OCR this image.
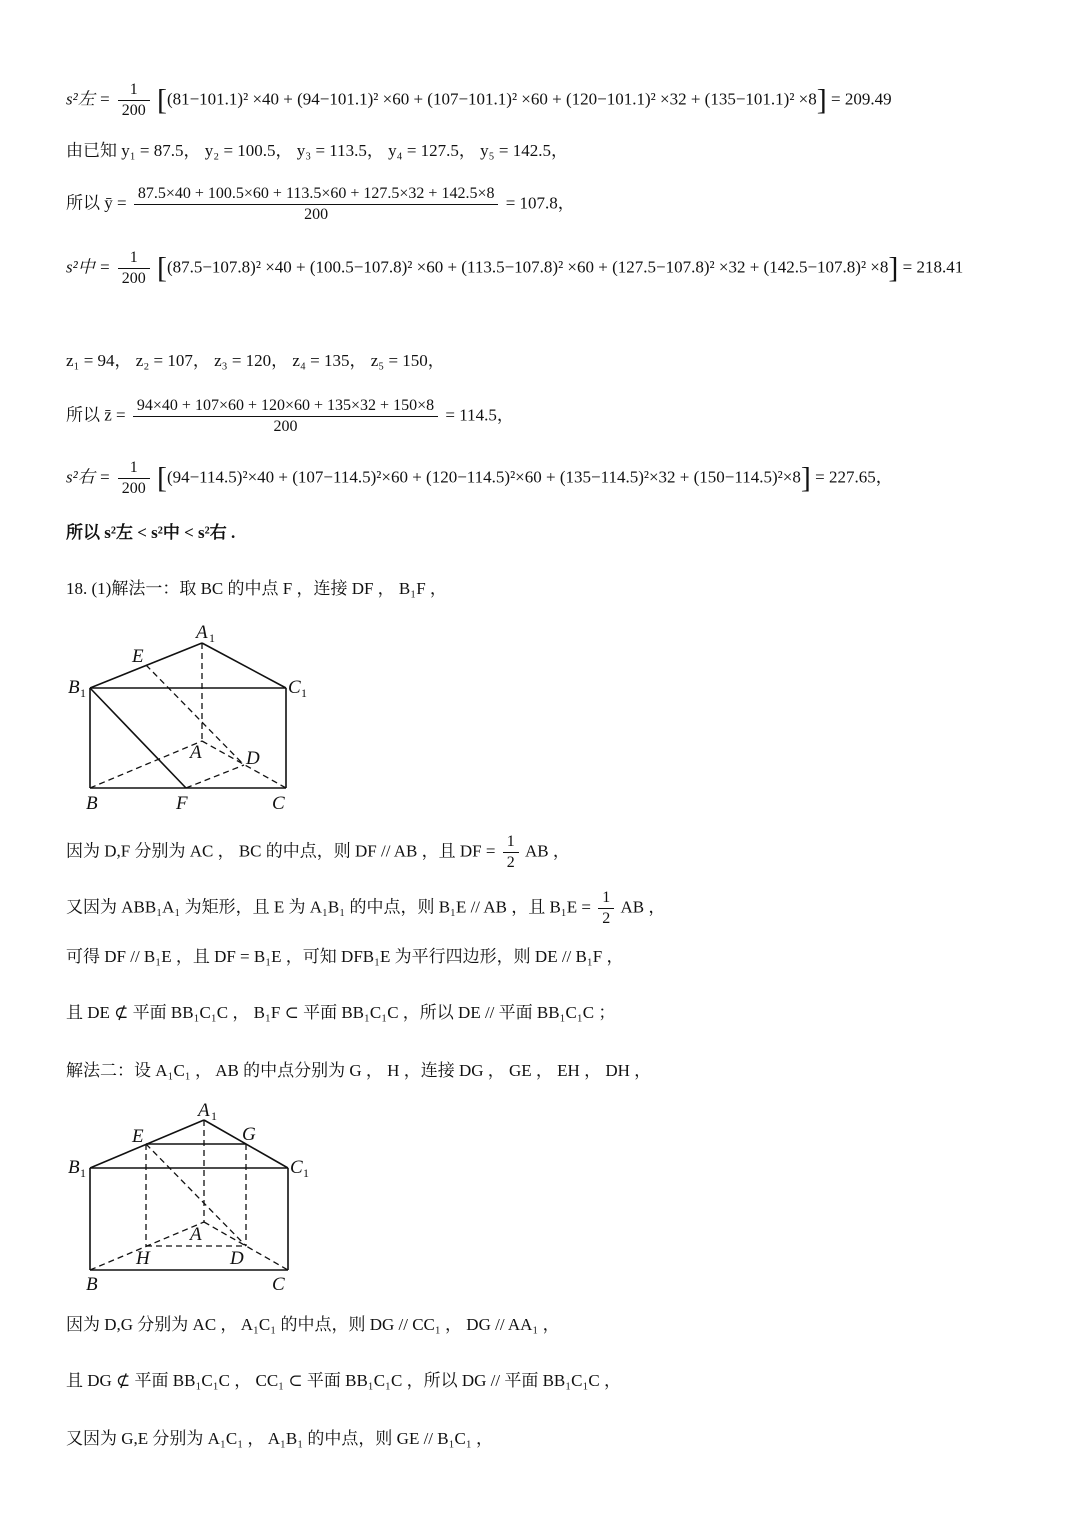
s²左 = $\frac{1}{200} [(81-101.1)^2 \times 40 + (94-101.1)^2 \times 60 + (107-101.1)^2 \times 60 + (120-101.1)^2 \times 32 + (135-101.1)^2 \times 8] = 209.49$
由已知 y₁ = 87.5， y₂ = 100.5， y₃ = 113.5， y₄ = 127.5， y₅ = 142.5，
所以 ȳ = $\frac{87.5\times 40 + 100.5\times 60 + 113.5\times 60 + 127.5\times 32 + 142.5\times 8}{200} = 107.8$，
s²中 = $\frac{1}{200} [(87.5-107.8)^2 \times 40 + (100.5-107.8)^2 \times 60 + (113.5-107.8)^2 \times 60 + (127.5-107.8)^2 \times 32 + (142.5-107.8)^2 \times 8] = 218.41$
z₁ = 94， z₂ = 107， z₃ = 120， z₄ = 135， z₅ = 150，
所以 z̄ = $\frac{94\times 40 + 107\times 60 + 120\times 60 + 135\times 32 + 150\times 8}{200} = 114.5$，
s²右 = $\frac{1}{200} [(94-114.5)^2\times 40 + (107-114.5)^2\times 60 + (120-114.5)^2\times 60 + (135-114.5)^2\times 32 + (150-114.5)^2\times 8] = 227.65$，
所以 s²左 < s²中 < s²右 .
18. (1)解法一：取 BC 的中点 F ，连接 DF ， B₁F ，
A 1
E
B 1	C 1
A D
B	F	C
因为 D,F 分别为 AC ， BC 的中点，则 DF // AB ，且 DF = $\frac{1}{2}$ AB ，
又因为 ABB₁A₁ 为矩形，且 E 为 A₁B₁ 的中点，则 B₁E // AB ，且 $B_1E = \frac{1}{2}$ AB ，
可得 DF // B₁E ，且 DF = B₁E ，可知 DFB₁E 为平行四边形，则 DE // B₁F ，
且 DE ⊄ 平面 BB₁C₁C ， B₁F ⊂ 平面 BB₁C₁C ，所以 DE // 平面 BB₁C₁C ；
解法二：设 A₁C₁ ， AB 的中点分别为 G ， H ，连接 DG ， GE ， EH ， DH ，
A 1
E	G
B 1	C 1
A
H	D
B	C
因为 D,G 分别为 AC ， A₁C₁ 的中点，则 DG // CC₁ ， DG // AA₁ ，
且 DG ⊄ 平面 BB₁C₁C ， CC₁ ⊂ 平面 BB₁C₁C ，所以 DG // 平面 BB₁C₁C ，
又因为 G,E 分别为 A₁C₁ ， A₁B₁ 的中点，则 GE // B₁C₁ ，
